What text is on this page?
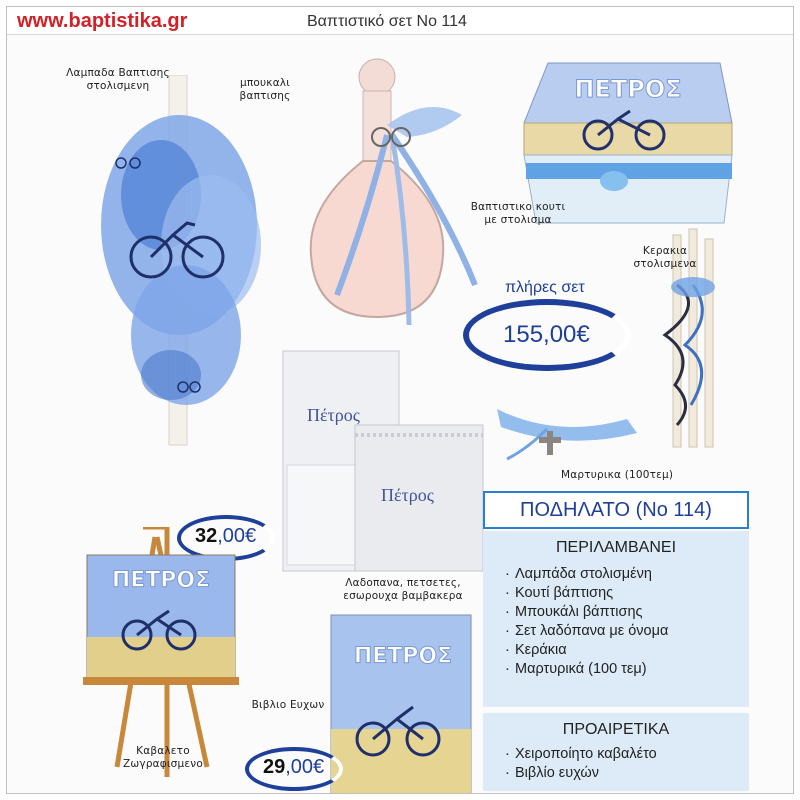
www.baptistika.gr	Βαπτιστικό σετ Νο 114
Λαμπαδα Βαπτισης
στολισμενη	μπουκαλι
βαπτισης	ΠΕΤΡΟΣ
Βαπτιστικο κουτι
με στολισμα
Κερακια
στολισμενα
πλήρες σετ
155,00€
Πέτρος
Πέτρος
Λαδοπανα, πετσετες,
εσωρουχα βαμβακερα
Μαρτυρικα (100τεμ)
32,00€
ΠΕΤΡΟΣ
Καβαλετο
Ζωγραφισμενο
ΠΕΤΡΟΣ
Βιβλιο Ευχων
29,00€
ΠΟΔΗΛΑΤΟ (Νο 114)
ΠΕΡΙΛΑΜΒΑΝΕΙ
· Λαμπάδα στολισμένη
· Κουτί βάπτισης
· Μπουκάλι βάπτισης
· Σετ λαδόπανα με όνομα
· Κεράκια
· Μαρτυρικά (100 τεμ)
ΠΡΟΑΙΡΕΤΙΚΑ
· Χειροποίητο καβαλέτο
· Βιβλίο ευχών
